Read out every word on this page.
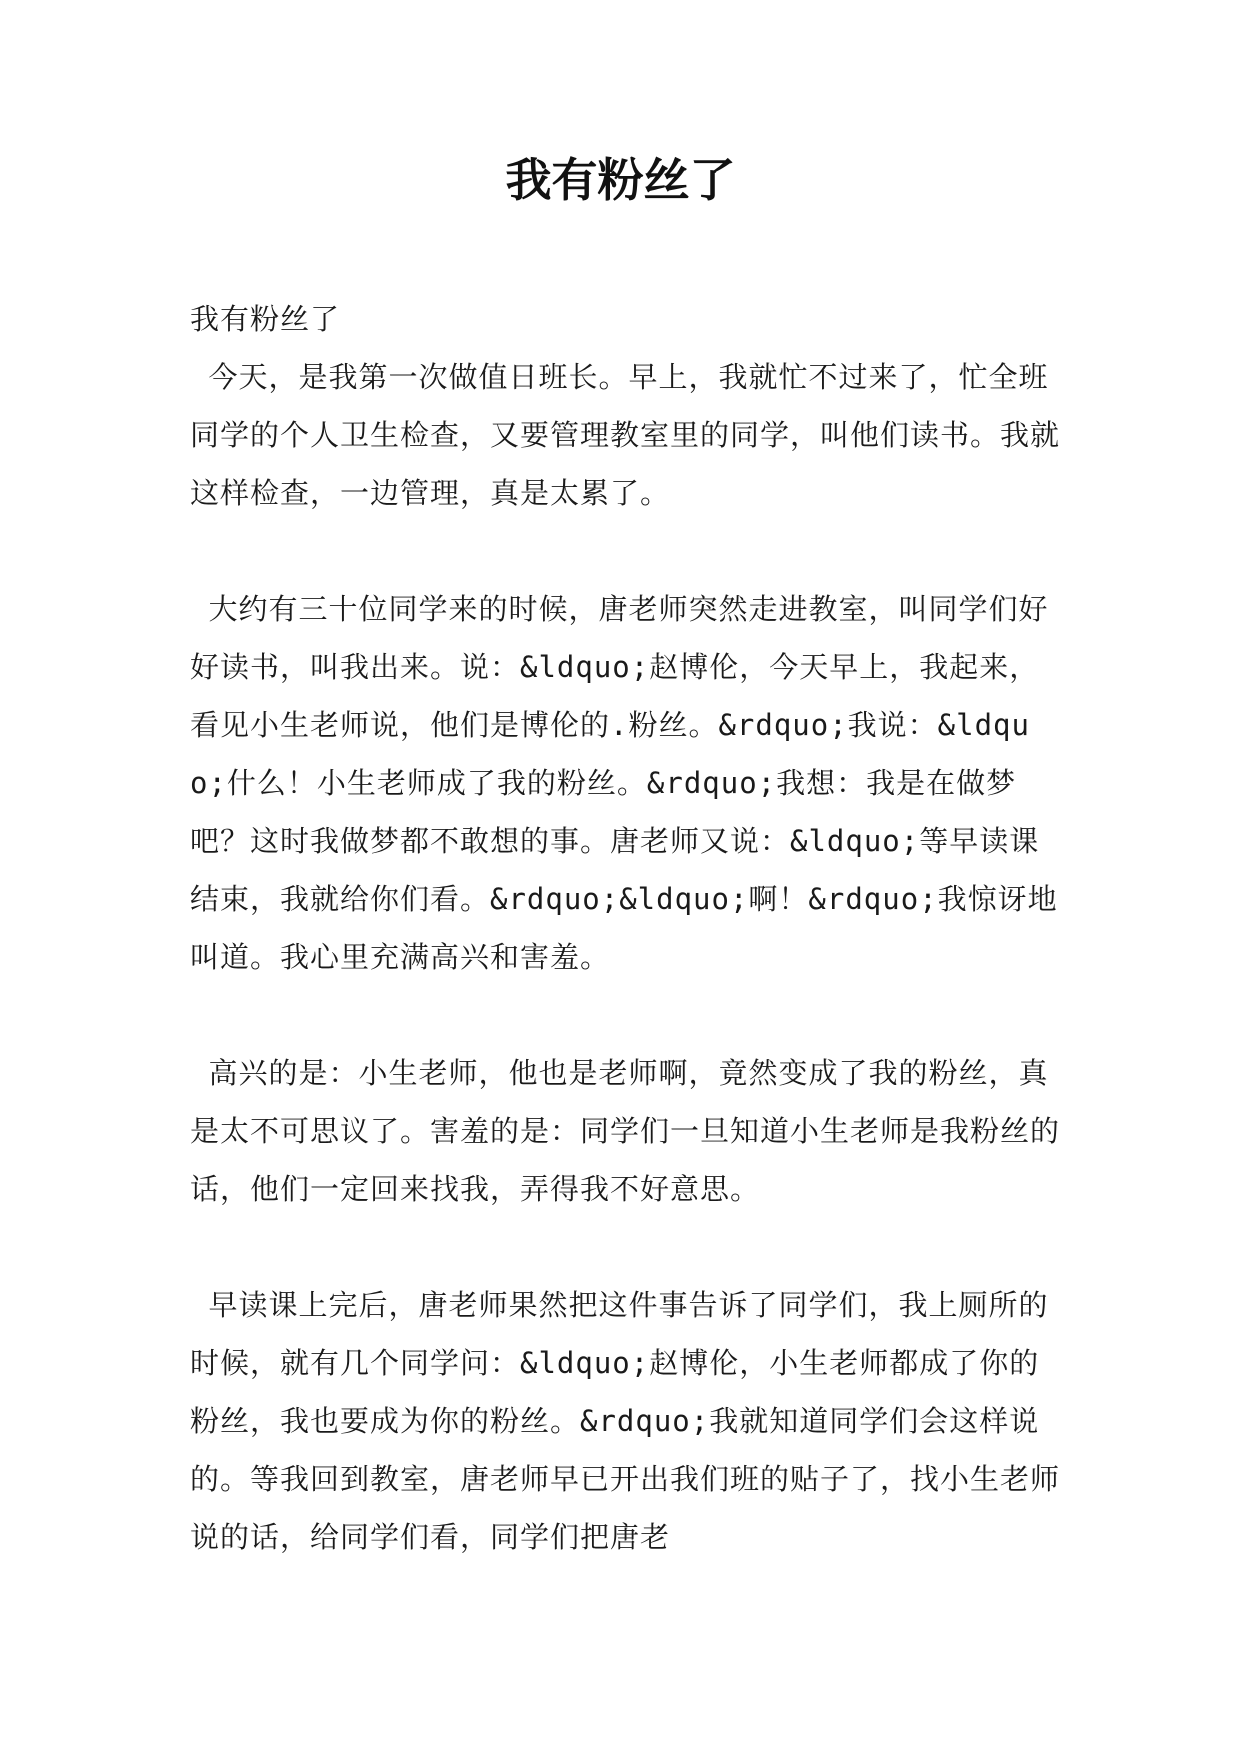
我有粉丝了

我有粉丝了

今天，是我第一次做值日班长。早上，我就忙不过来了，忙全班同学的个人卫生检查，又要管理教室里的同学，叫他们读书。我就这样检查，一边管理，真是太累了。

大约有三十位同学来的时候，唐老师突然走进教室，叫同学们好好读书，叫我出来。说：&ldquo;赵博伦，今天早上，我起来，看见小生老师说，他们是博伦的.粉丝。&rdquo;我说：&ldquo;什么！小生老师成了我的粉丝。&rdquo;我想：我是在做梦吧？这时我做梦都不敢想的事。唐老师又说：&ldquo;等早读课结束，我就给你们看。&rdquo;&ldquo;啊！&rdquo;我惊讶地叫道。我心里充满高兴和害羞。

高兴的是：小生老师，他也是老师啊，竟然变成了我的粉丝，真是太不可思议了。害羞的是：同学们一旦知道小生老师是我粉丝的话，他们一定回来找我，弄得我不好意思。

早读课上完后，唐老师果然把这件事告诉了同学们，我上厕所的时候，就有几个同学问：&ldquo;赵博伦，小生老师都成了你的粉丝，我也要成为你的粉丝。&rdquo;我就知道同学们会这样说的。等我回到教室，唐老师早已开出我们班的贴子了，找小生老师说的话，给同学们看，同学们把唐老
